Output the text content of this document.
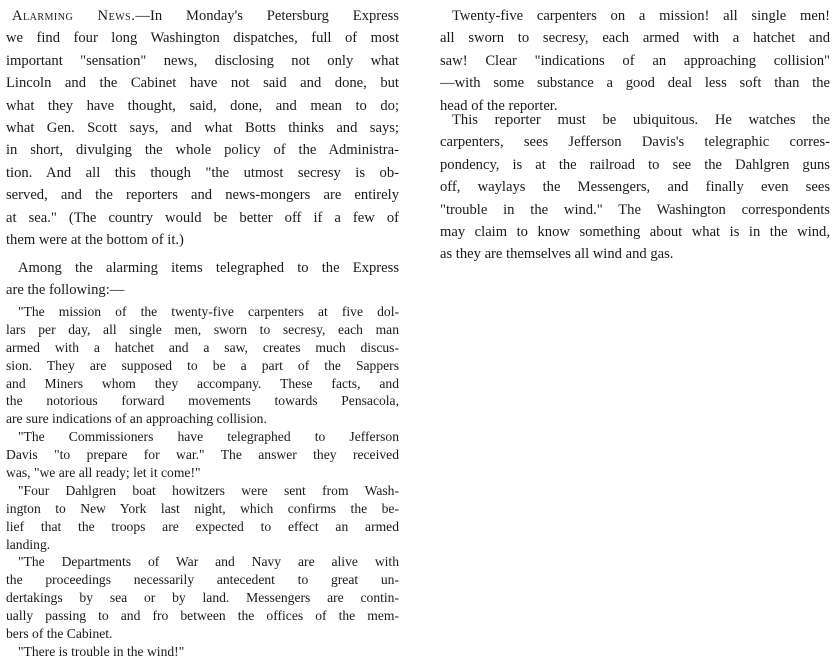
Alarming News.—In Monday's Petersburg Express

we find four long Washington dispatches, full of most

important "sensation" news, disclosing not only what

Lincoln and the Cabinet have not said and done, but

what they have thought, said, done, and mean to do;

what Gen. Scott says, and what Botts thinks and says;

in short, divulging the whole policy of the Administra-

tion. And all this though "the utmost secresy is ob-

served, and the reporters and news-mongers are entirely

at sea." (The country would be better off if a few of

them were at the bottom of it.)

Among the alarming items telegraphed to the Express

are the following:—

"The mission of the twenty-five carpenters at five dol-

lars per day, all single men, sworn to secresy, each man

armed with a hatchet and a saw, creates much discus-

sion. They are supposed to be a part of the Sappers

and Miners whom they accompany. These facts, and

the notorious forward movements towards Pensacola,

are sure indications of an approaching collision.

"The Commissioners have telegraphed to Jefferson

Davis "to prepare for war." The answer they received

was, "we are all ready; let it come!"

"Four Dahlgren boat howitzers were sent from Wash-

ington to New York last night, which confirms the be-

lief that the troops are expected to effect an armed

landing.

"The Departments of War and Navy are alive with

the proceedings necessarily antecedent to great un-

dertakings by sea or by land. Messengers are contin-

ually passing to and fro between the offices of the mem-

bers of the Cabinet.

"There is trouble in the wind!"

Twenty-five carpenters on a mission! all single men!

all sworn to secresy, each armed with a hatchet and

saw! Clear "indications of an approaching collision"

—with some substance a good deal less soft than the

head of the reporter.

This reporter must be ubiquitous. He watches the

carpenters, sees Jefferson Davis's telegraphic corres-

pondency, is at the railroad to see the Dahlgren guns

off, waylays the Messengers, and finally even sees

"trouble in the wind." The Washington correspondents

may claim to know something about what is in the wind,

as they are themselves all wind and gas.
